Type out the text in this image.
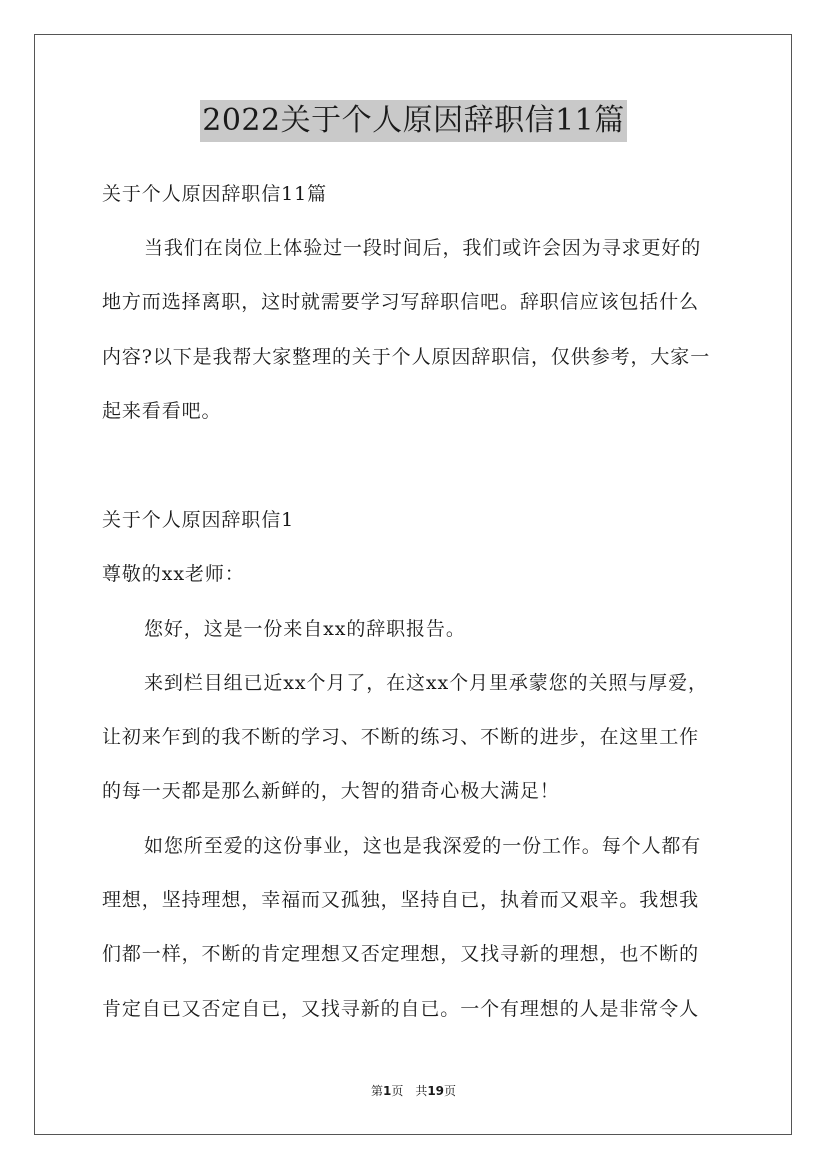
2022关于个人原因辞职信11篇
关于个人原因辞职信11篇
当我们在岗位上体验过一段时间后，我们或许会因为寻求更好的
地方而选择离职，这时就需要学习写辞职信吧。辞职信应该包括什么
内容?以下是我帮大家整理的关于个人原因辞职信，仅供参考，大家一
起来看看吧。
关于个人原因辞职信1
尊敬的xx老师：
您好，这是一份来自xx的辞职报告。
来到栏目组已近xx个月了，在这xx个月里承蒙您的关照与厚爱，
让初来乍到的我不断的学习、不断的练习、不断的进步，在这里工作
的每一天都是那么新鲜的，大智的猎奇心极大满足！
如您所至爱的这份事业，这也是我深爱的一份工作。每个人都有
理想，坚持理想，幸福而又孤独，坚持自已，执着而又艰辛。我想我
们都一样，不断的肯定理想又否定理想，又找寻新的理想，也不断的
肯定自已又否定自已，又找寻新的自已。一个有理想的人是非常令人
第1页　共19页
